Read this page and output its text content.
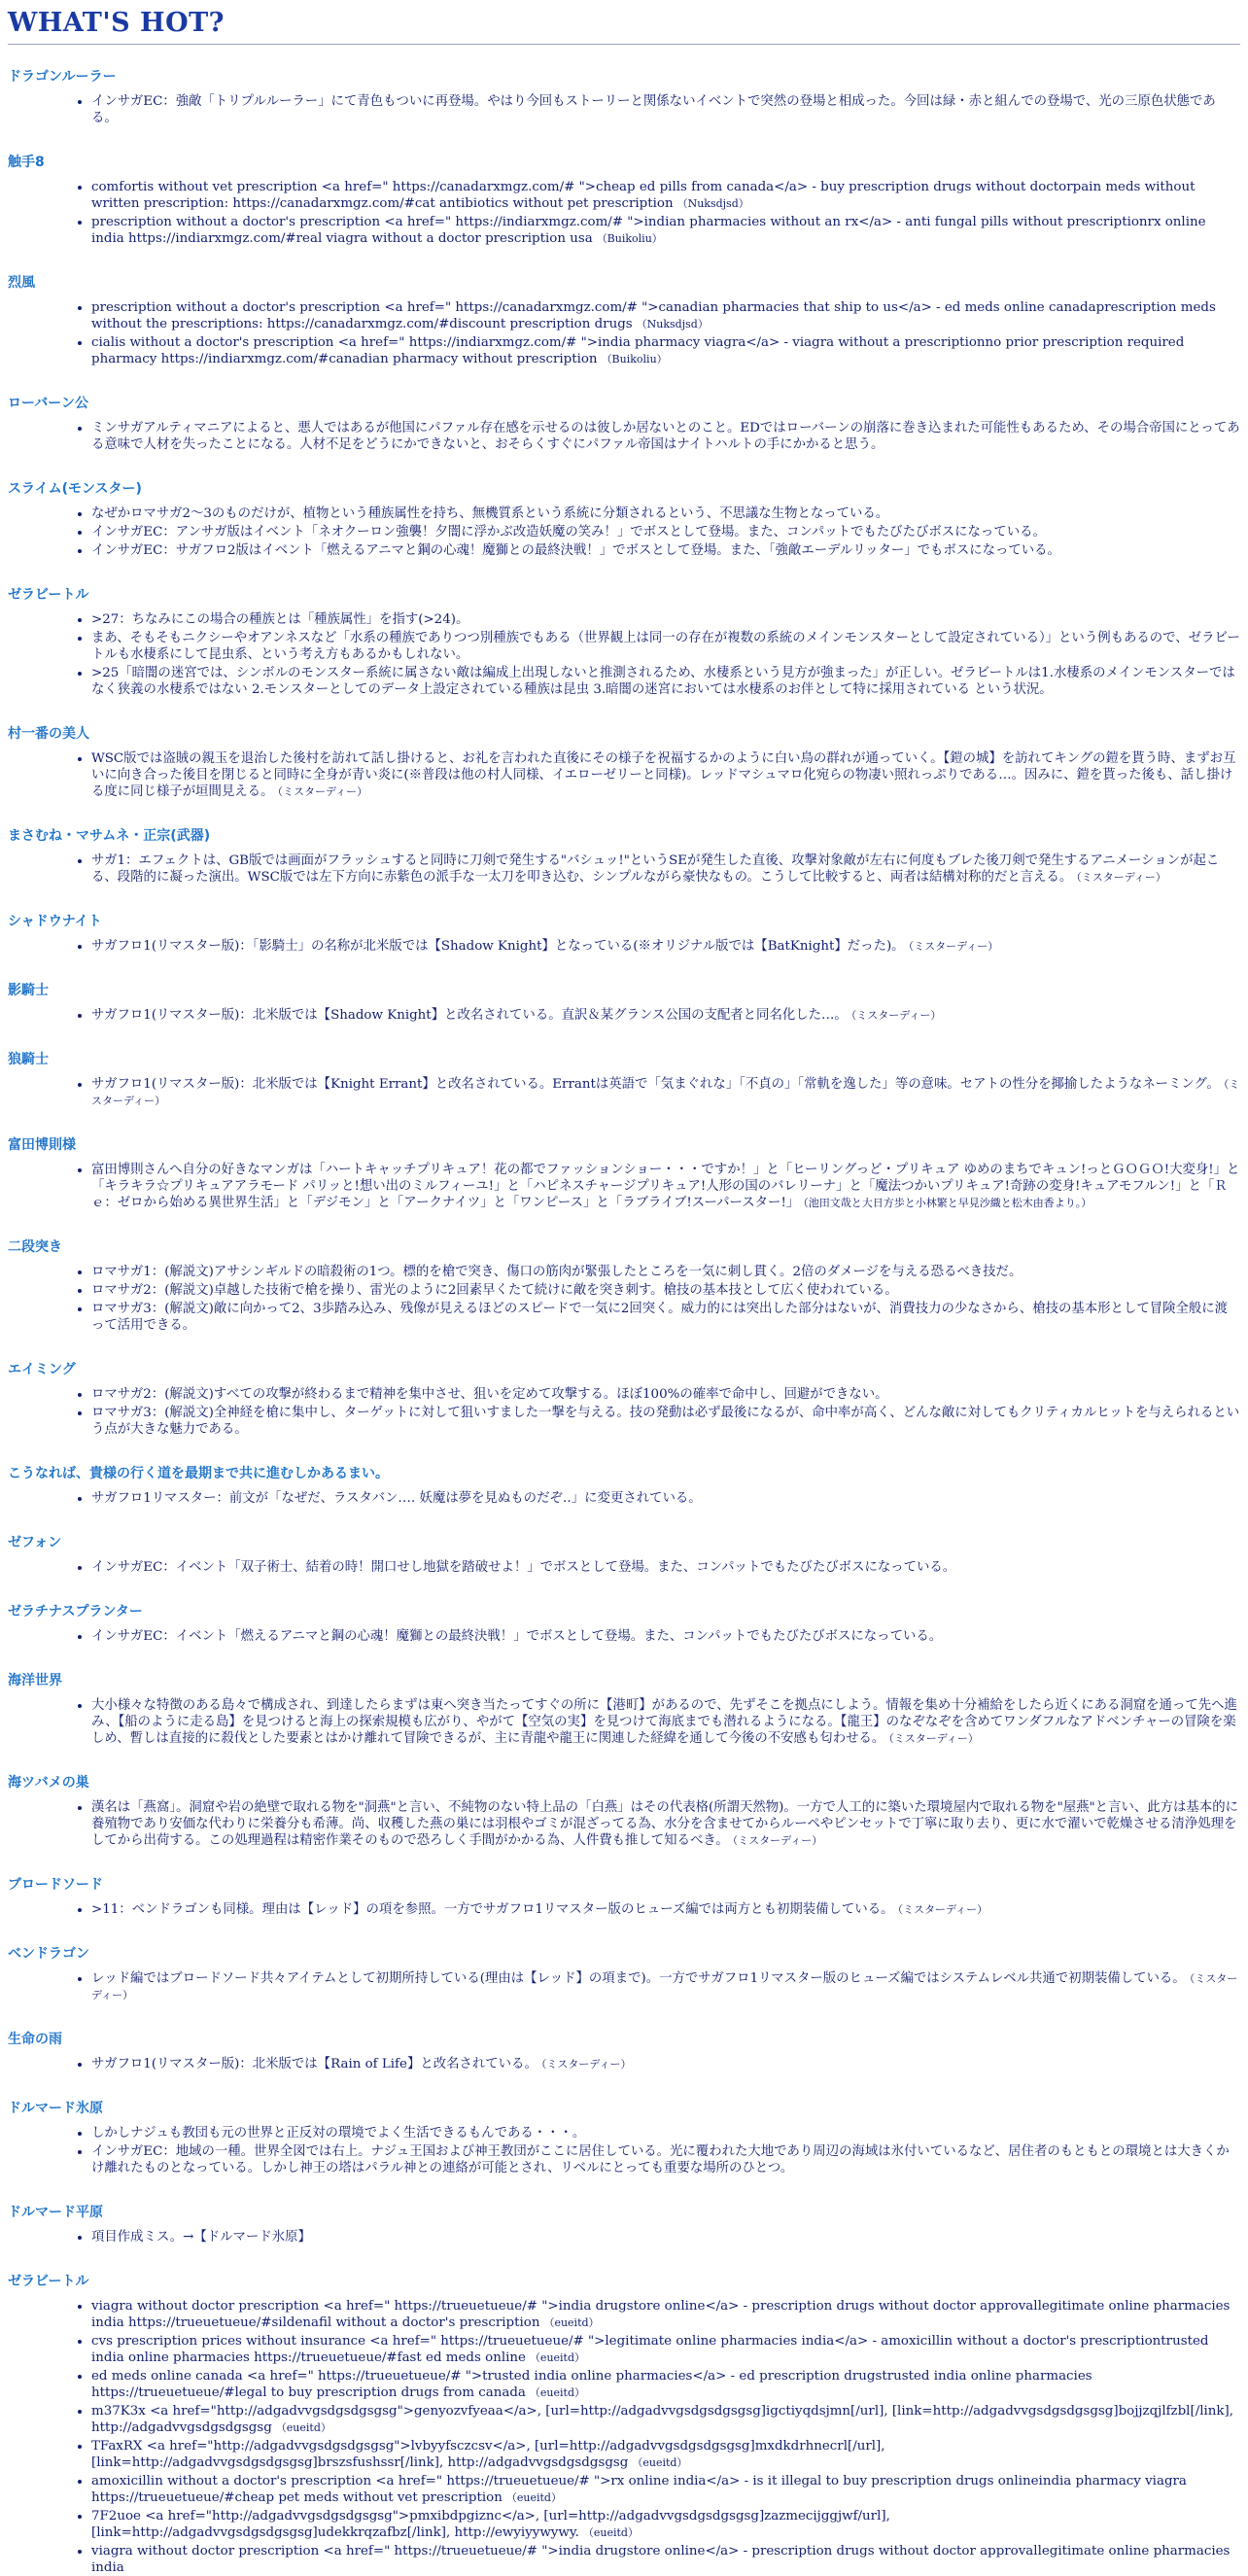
WHAT'S HOT?
ドラゴンルーラー
• インサガEC：強敵「トリプルルーラー」にて青色もついに再登場。やはり今回もストーリーと関係ないイベントで突然の登場と相成った。今回は緑・赤と組んでの登場で、光の三原色状態である。
触手8
• comfortis without vet prescription <a href=" https://canadarxmgz.com/# ">cheap ed pills from canada</a> - buy prescription drugs without doctorpain meds without written prescription: https://canadarxmgz.com/#cat antibiotics without pet prescription （Nuksdjsd）
• prescription without a doctor's prescription <a href=" https://indiarxmgz.com/# ">indian pharmacies without an rx</a> - anti fungal pills without prescriptionrx online india https://indiarxmgz.com/#real viagra without a doctor prescription usa （Buikoliu）
烈風
• prescription without a doctor's prescription <a href=" https://canadarxmgz.com/# ">canadian pharmacies that ship to us</a> - ed meds online canadaprescription meds without the prescriptions: https://canadarxmgz.com/#discount prescription drugs （Nuksdjsd）
• cialis without a doctor's prescription <a href=" https://indiarxmgz.com/# ">india pharmacy viagra</a> - viagra without a prescriptionno prior prescription required pharmacy https://indiarxmgz.com/#canadian pharmacy without prescription （Buikoliu）
ローバーン公
• ミンサガアルティマニアによると、悪人ではあるが他国にパファル存在感を示せるのは彼しか居ないとのこと。EDではローバーンの崩落に巻き込まれた可能性もあるため、その場合帝国にとってある意味で人材を失ったことになる。人材不足をどうにかできないと、おそらくすぐにパファル帝国はナイトハルトの手にかかると思う。
スライム(モンスター)
• なぜかロマサガ2～3のものだけが、植物という種族属性を持ち、無機質系という系統に分類されるという、不思議な生物となっている。
• インサガEC：アンサガ版はイベント「ネオクーロン強襲！夕闇に浮かぶ改造妖魔の笑み！」でボスとして登場。また、コンパットでもたびたびボスになっている。
• インサガEC：サガフロ2版はイベント「燃えるアニマと鋼の心魂！魔獅との最終決戦！」でボスとして登場。また、「強敵エーデルリッター」でもボスになっている。
ゼラビートル
• >27：ちなみにこの場合の種族とは「種族属性」を指す(>24)。
• まあ、そもそもニクシーやオアンネスなど「水系の種族でありつつ別種族でもある（世界観上は同一の存在が複数の系統のメインモンスターとして設定されている）」という例もあるので、ゼラビートルも水棲系にして昆虫系、という考え方もあるかもしれない。
• >25「暗闇の迷宮では、シンボルのモンスター系統に属さない敵は編成上出現しないと推測されるため、水棲系という見方が強まった」が正しい。ゼラビートルは1.水棲系のメインモンスターではなく狭義の水棲系ではない 2.モンスターとしてのデータ上設定されている種族は昆虫 3.暗闇の迷宮においては水棲系のお伴として特に採用されている という状況。
村一番の美人
• WSC版では盗賊の親玉を退治した後村を訪れて話し掛けると、お礼を言われた直後にその様子を祝福するかのように白い鳥の群れが通っていく。【鎧の城】を訪れてキングの鎧を貰う時、まずお互いに向き合った後目を閉じると同時に全身が青い炎に(※普段は他の村人同様、イエローゼリーと同様)。レッドマシュマロ化宛らの物凄い照れっぷりである…。因みに、鎧を貰った後も、話し掛ける度に同じ様子が垣間見える。 （ミスターディー）
まさむね・マサムネ・正宗(武器)
• サガ1：エフェクトは、GB版では画面がフラッシュすると同時に刀剣で発生する"バシュッ!"というSEが発生した直後、攻撃対象敵が左右に何度もブレた後刀剣で発生するアニメーションが起こる、段階的に凝った演出。WSC版では左下方向に赤紫色の派手な一太刀を叩き込む、シンプルながら豪快なもの。こうして比較すると、両者は結構対称的だと言える。 （ミスターディー）
シャドウナイト
• サガフロ1(リマスター版)：「影騎士」の名称が北米版では【Shadow Knight】となっている(※オリジナル版では【BatKnight】だった)。 （ミスターディー）
影騎士
• サガフロ1(リマスター版)：北米版では【Shadow Knight】と改名されている。直訳＆某グランス公国の支配者と同名化した…。 （ミスターディー）
狼騎士
• サガフロ1(リマスター版)：北米版では【Knight Errant】と改名されている。Errantは英語で「気まぐれな」「不貞の」「常軌を逸した」等の意味。セアトの性分を揶揄したようなネーミング。 （ミスターディー）
富田博則様
• 富田博則さんへ自分の好きなマンガは「ハートキャッチプリキュア！花の都でファッションショー・・・ですか！」と「ヒーリングっど・プリキュア ゆめのまちでキュン!っとＧＯＧＯ!大変身!」と「キラキラ☆プリキュアアラモード パリッと!想い出のミルフィーユ!」と「ハピネスチャージプリキュア!人形の国のバレリーナ」と「魔法つかいプリキュア!奇跡の変身!キュアモフルン!」と「Ｒｅ：ゼロから始める異世界生活」と「デジモン」と「アークナイツ」と「ワンピース」と「ラブライブ!スーパースター!」 （池田文哉と大日方歩と小林繁と早見沙織と松木由香より。）
二段突き
• ロマサガ1：(解説文)アサシンギルドの暗殺術の1つ。標的を槍で突き、傷口の筋肉が緊張したところを一気に刺し貫く。2倍のダメージを与える恐るべき技だ。
• ロマサガ2：(解説文)卓越した技術で槍を操り、雷光のように2回素早くたて続けに敵を突き刺す。槍技の基本技として広く使われている。
• ロマサガ3：(解説文)敵に向かって2、3歩踏み込み、残像が見えるほどのスピードで一気に2回突く。威力的には突出した部分はないが、消費技力の少なさから、槍技の基本形として冒険全般に渡って活用できる。
エイミング
• ロマサガ2：(解説文)すべての攻撃が終わるまで精神を集中させ、狙いを定めて攻撃する。ほぼ100%の確率で命中し、回避ができない。
• ロマサガ3：(解説文)全神経を槍に集中し、ターゲットに対して狙いすました一撃を与える。技の発動は必ず最後になるが、命中率が高く、どんな敵に対してもクリティカルヒットを与えられるという点が大きな魅力である。
こうなれば、貴様の行く道を最期まで共に進むしかあるまい。
• サガフロ1リマスター：前文が「なぜだ、ラスタバン‥‥ 妖魔は夢を見ぬものだぞ‥」に変更されている。
ゼフォン
• インサガEC：イベント「双子術士、結着の時！開口せし地獄を踏破せよ！」でボスとして登場。また、コンパットでもたびたびボスになっている。
ゼラチナスプランター
• インサガEC：イベント「燃えるアニマと鋼の心魂！魔獅との最終決戦！」でボスとして登場。また、コンパットでもたびたびボスになっている。
海洋世界
• 大小様々な特徴のある島々で構成され、到達したらまずは東へ突き当たってすぐの所に【港町】があるので、先ずそこを拠点にしよう。情報を集め十分補給をしたら近くにある洞窟を通って先へ進み、【船のように走る島】を見つけると海上の探索規模も広がり、やがて【空気の実】を見つけて海底までも潜れるようになる。【龍王】のなぞなぞを含めてワンダフルなアドベンチャーの冒険を楽しめ、暫しは直接的に殺伐とした要素とはかけ離れて冒険できるが、主に青龍や龍王に関連した経緯を通して今後の不安感も匂わせる。 （ミスターディー）
海ツバメの巣
• 漢名は「燕窩」。洞窟や岩の絶壁で取れる物を"洞燕"と言い、不純物のない特上品の「白燕」はその代表格(所謂天然物)。一方で人工的に築いた環境屋内で取れる物を"屋燕"と言い、此方は基本的に養殖物であり安価な代わりに栄養分も希薄。尚、収穫した燕の巣には羽根やゴミが混ざってる為、水分を含ませてからルーペやピンセットで丁寧に取り去り、更に水で濯いで乾燥させる清浄処理をしてから出荷する。この処理過程は精密作業そのもので恐ろしく手間がかかる為、人件費も推して知るべき。 （ミスターディー）
ブロードソード
• >11：ベンドラゴンも同様。理由は【レッド】の項を参照。一方でサガフロ1リマスター版のヒューズ編では両方とも初期装備している。 （ミスターディー）
ベンドラゴン
• レッド編ではブロードソード共々アイテムとして初期所持している(理由は【レッド】の項まで)。一方でサガフロ1リマスター版のヒューズ編ではシステムレベル共通で初期装備している。 （ミスターディー）
生命の雨
• サガフロ1(リマスター版)：北米版では【Rain of Life】と改名されている。 （ミスターディー）
ドルマード氷原
• しかしナジュも教団も元の世界と正反対の環境でよく生活できるもんである・・・。
• インサガEC：地域の一種。世界全図では右上。ナジュ王国および神王教団がここに居住している。光に覆われた大地であり周辺の海域は氷付いているなど、居住者のもともとの環境とは大きくかけ離れたものとなっている。しかし神王の塔はパラル神との連絡が可能とされ、リベルにとっても重要な場所のひとつ。
ドルマード平原
• 項目作成ミス。→【ドルマード氷原】
ゼラビートル
• viagra without doctor prescription <a href=" https://trueuetueue/# ">india drugstore online</a> - prescription drugs without doctor approvallegitimate online pharmacies india https://trueuetueue/#sildenafil without a doctor's prescription （eueitd）
• cvs prescription prices without insurance <a href=" https://trueuetueue/# ">legitimate online pharmacies india</a> - amoxicillin without a doctor's prescriptiontrusted india online pharmacies https://trueuetueue/#fast ed meds online （eueitd）
• ed meds online canada <a href=" https://trueuetueue/# ">trusted india online pharmacies</a> - ed prescription drugstrusted india online pharmacies https://trueuetueue/#legal to buy prescription drugs from canada （eueitd）
• m37K3x <a href="http://adgadvvgsdgsdgsgsg">genyozvfyeaa</a>, [url=http://adgadvvgsdgsdgsgsg]igctiyqdsjmn[/url], [link=http://adgadvvgsdgsdgsgsg]bojjzqjlfzbl[/link], http://adgadvvgsdgsdgsgsg （eueitd）
• TFaxRX <a href="http://adgadvvgsdgsdgsgsg">lvbyyfsczcsv</a>, [url=http://adgadvvgsdgsdgsgsg]mxdkdrhnecrl[/url], [link=http://adgadvvgsdgsdgsgsg]brszsfushssr[/link], http://adgadvvgsdgsdgsgsg （eueitd）
• amoxicillin without a doctor's prescription <a href=" https://trueuetueue/# ">rx online india</a> - is it illegal to buy prescription drugs onlineindia pharmacy viagra https://trueuetueue/#cheap pet meds without vet prescription （eueitd）
• 7F2uoe <a href="http://adgadvvgsdgsdgsgsg">pmxibdpgiznc</a>, [url=http://adgadvvgsdgsdgsgsg]zazmecijggjwf/url], [link=http://adgadvvgsdgsdgsgsg]udekkrqzafbz[/link], http://ewyiyywywy. （eueitd）
• viagra without doctor prescription <a href=" https://trueuetueue/# ">india drugstore online</a> - prescription drugs without doctor approvallegitimate online pharmacies india
